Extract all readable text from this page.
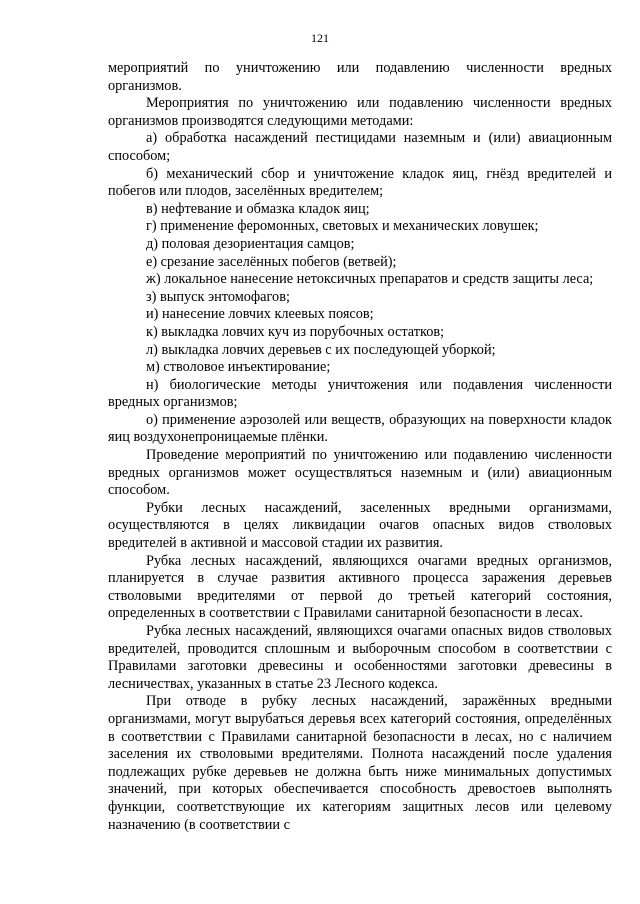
121

мероприятий по уничтожению или подавлению численности вредных организмов.

Мероприятия по уничтожению или подавлению численности вредных организмов производятся следующими методами:

а) обработка насаждений пестицидами наземным и (или) авиационным способом;

б) механический сбор и уничтожение кладок яиц, гнёзд вредителей и побегов или плодов, заселённых вредителем;

в) нефтевание и обмазка кладок яиц;

г) применение феромонных, световых и механических ловушек;

д) половая дезориентация самцов;

е) срезание заселённых побегов (ветвей);

ж) локальное нанесение нетоксичных препаратов и средств защиты леса;

з) выпуск энтомофагов;

и) нанесение ловчих клеевых поясов;

к) выкладка ловчих куч из порубочных остатков;

л) выкладка ловчих деревьев с их последующей уборкой;

м) стволовое инъектирование;

н) биологические методы уничтожения или подавления численности вредных организмов;

о) применение аэрозолей или веществ, образующих на поверхности кладок яиц воздухонепроницаемые плёнки.

Проведение мероприятий по уничтожению или подавлению численности вредных организмов может осуществляться наземным и (или) авиационным способом.

Рубки лесных насаждений, заселенных вредными организмами, осуществляются в целях ликвидации очагов опасных видов стволовых вредителей в активной и массовой стадии их развития.

Рубка лесных насаждений, являющихся очагами вредных организмов, планируется в случае развития активного процесса заражения деревьев стволовыми вредителями от первой до третьей категорий состояния, определенных в соответствии с Правилами санитарной безопасности в лесах.

Рубка лесных насаждений, являющихся очагами опасных видов стволовых вредителей, проводится сплошным и выборочным способом в соответствии с Правилами заготовки древесины и особенностями заготовки древесины в лесничествах, указанных в статье 23 Лесного кодекса.

При отводе в рубку лесных насаждений, заражённых вредными организмами, могут вырубаться деревья всех категорий состояния, определённых в соответствии с Правилами санитарной безопасности в лесах, но с наличием заселения их стволовыми вредителями. Полнота насаждений после удаления подлежащих рубке деревьев не должна быть ниже минимальных допустимых значений, при которых обеспечивается способность древостоев выполнять функции, соответствующие их категориям защитных лесов или целевому назначению (в соответствии с
